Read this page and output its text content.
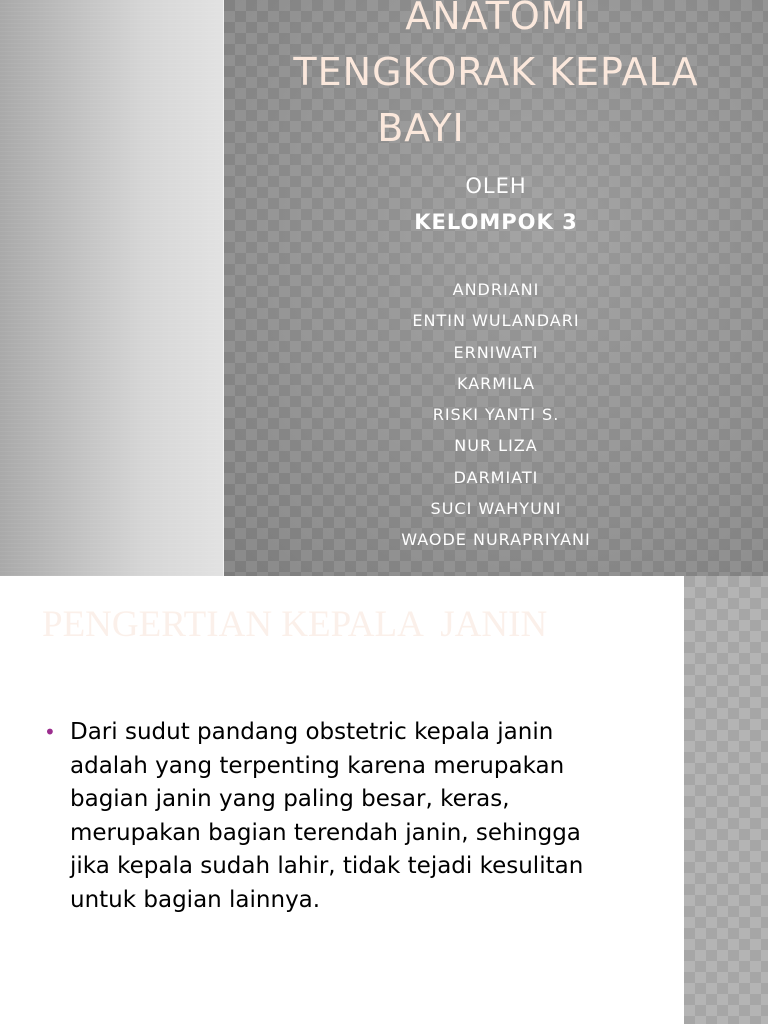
ANATOMI
TENGKORAK KEPALA
BAYI
OLEH
KELOMPOK 3
ANDRIANI
ENTIN WULANDARI
ERNIWATI
KARMILA
RISKI YANTI S.
NUR LIZA
DARMIATI
SUCI WAHYUNI
WAODE NURAPRIYANI
PENGERTIAN KEPALA  JANIN
• Dari sudut pandang obstetric kepala janin
adalah yang terpenting karena merupakan
bagian janin yang paling besar, keras,
merupakan bagian terendah janin, sehingga
jika kepala sudah lahir, tidak tejadi kesulitan
untuk bagian lainnya.
